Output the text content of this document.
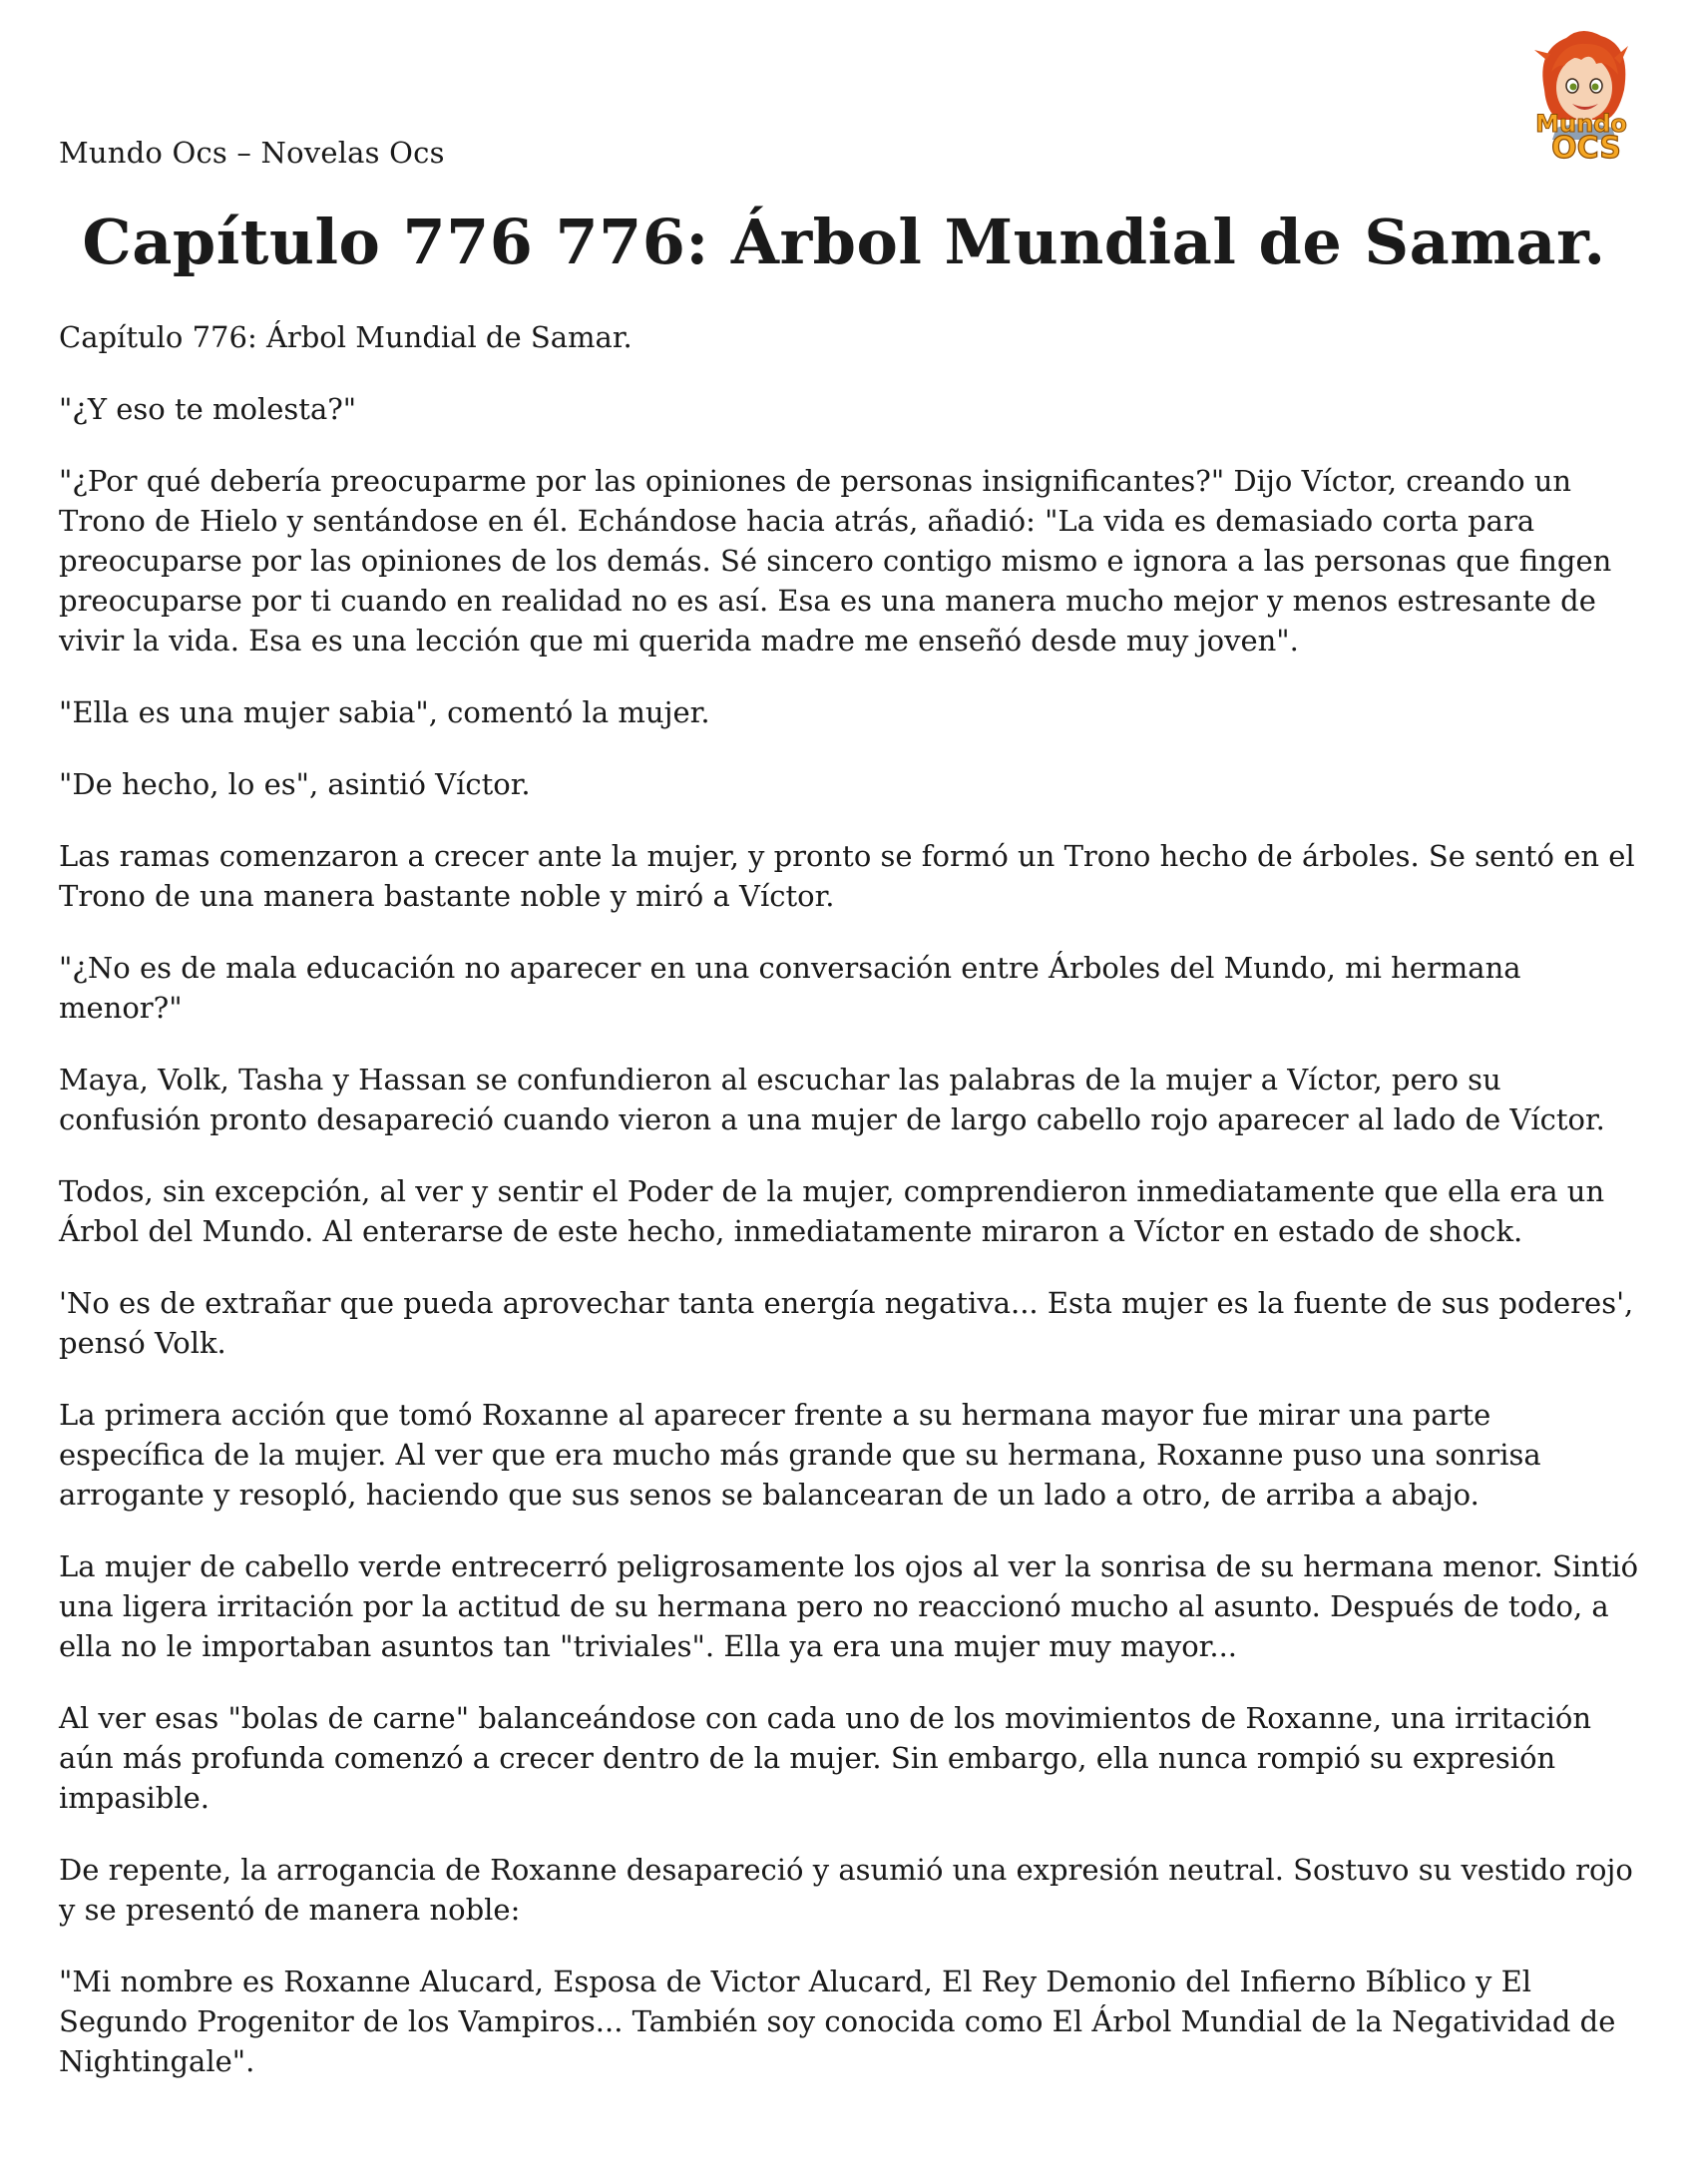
Mundo Ocs – Novelas Ocs
Mundo
OCS
Capítulo 776 776: Árbol Mundial de Samar.

Capítulo 776: Árbol Mundial de Samar.

"¿Y eso te molesta?"

"¿Por qué debería preocuparme por las opiniones de personas insignificantes?" Dijo Víctor, creando un Trono de Hielo y sentándose en él. Echándose hacia atrás, añadió: "La vida es demasiado corta para preocuparse por las opiniones de los demás. Sé sincero contigo mismo e ignora a las personas que fingen preocuparse por ti cuando en realidad no es así. Esa es una manera mucho mejor y menos estresante de vivir la vida. Esa es una lección que mi querida madre me enseñó desde muy joven".

"Ella es una mujer sabia", comentó la mujer.

"De hecho, lo es", asintió Víctor.

Las ramas comenzaron a crecer ante la mujer, y pronto se formó un Trono hecho de árboles. Se sentó en el Trono de una manera bastante noble y miró a Víctor.

"¿No es de mala educación no aparecer en una conversación entre Árboles del Mundo, mi hermana menor?"

Maya, Volk, Tasha y Hassan se confundieron al escuchar las palabras de la mujer a Víctor, pero su confusión pronto desapareció cuando vieron a una mujer de largo cabello rojo aparecer al lado de Víctor.

Todos, sin excepción, al ver y sentir el Poder de la mujer, comprendieron inmediatamente que ella era un Árbol del Mundo. Al enterarse de este hecho, inmediatamente miraron a Víctor en estado de shock.

'No es de extrañar que pueda aprovechar tanta energía negativa... Esta mujer es la fuente de sus poderes', pensó Volk.

La primera acción que tomó Roxanne al aparecer frente a su hermana mayor fue mirar una parte específica de la mujer. Al ver que era mucho más grande que su hermana, Roxanne puso una sonrisa arrogante y resopló, haciendo que sus senos se balancearan de un lado a otro, de arriba a abajo.

La mujer de cabello verde entrecerró peligrosamente los ojos al ver la sonrisa de su hermana menor. Sintió una ligera irritación por la actitud de su hermana pero no reaccionó mucho al asunto. Después de todo, a ella no le importaban asuntos tan "triviales". Ella ya era una mujer muy mayor...

Al ver esas "bolas de carne" balanceándose con cada uno de los movimientos de Roxanne, una irritación aún más profunda comenzó a crecer dentro de la mujer. Sin embargo, ella nunca rompió su expresión impasible.

De repente, la arrogancia de Roxanne desapareció y asumió una expresión neutral. Sostuvo su vestido rojo y se presentó de manera noble:

"Mi nombre es Roxanne Alucard, Esposa de Victor Alucard, El Rey Demonio del Infierno Bíblico y El Segundo Progenitor de los Vampiros... También soy conocida como El Árbol Mundial de la Negatividad de Nightingale".
